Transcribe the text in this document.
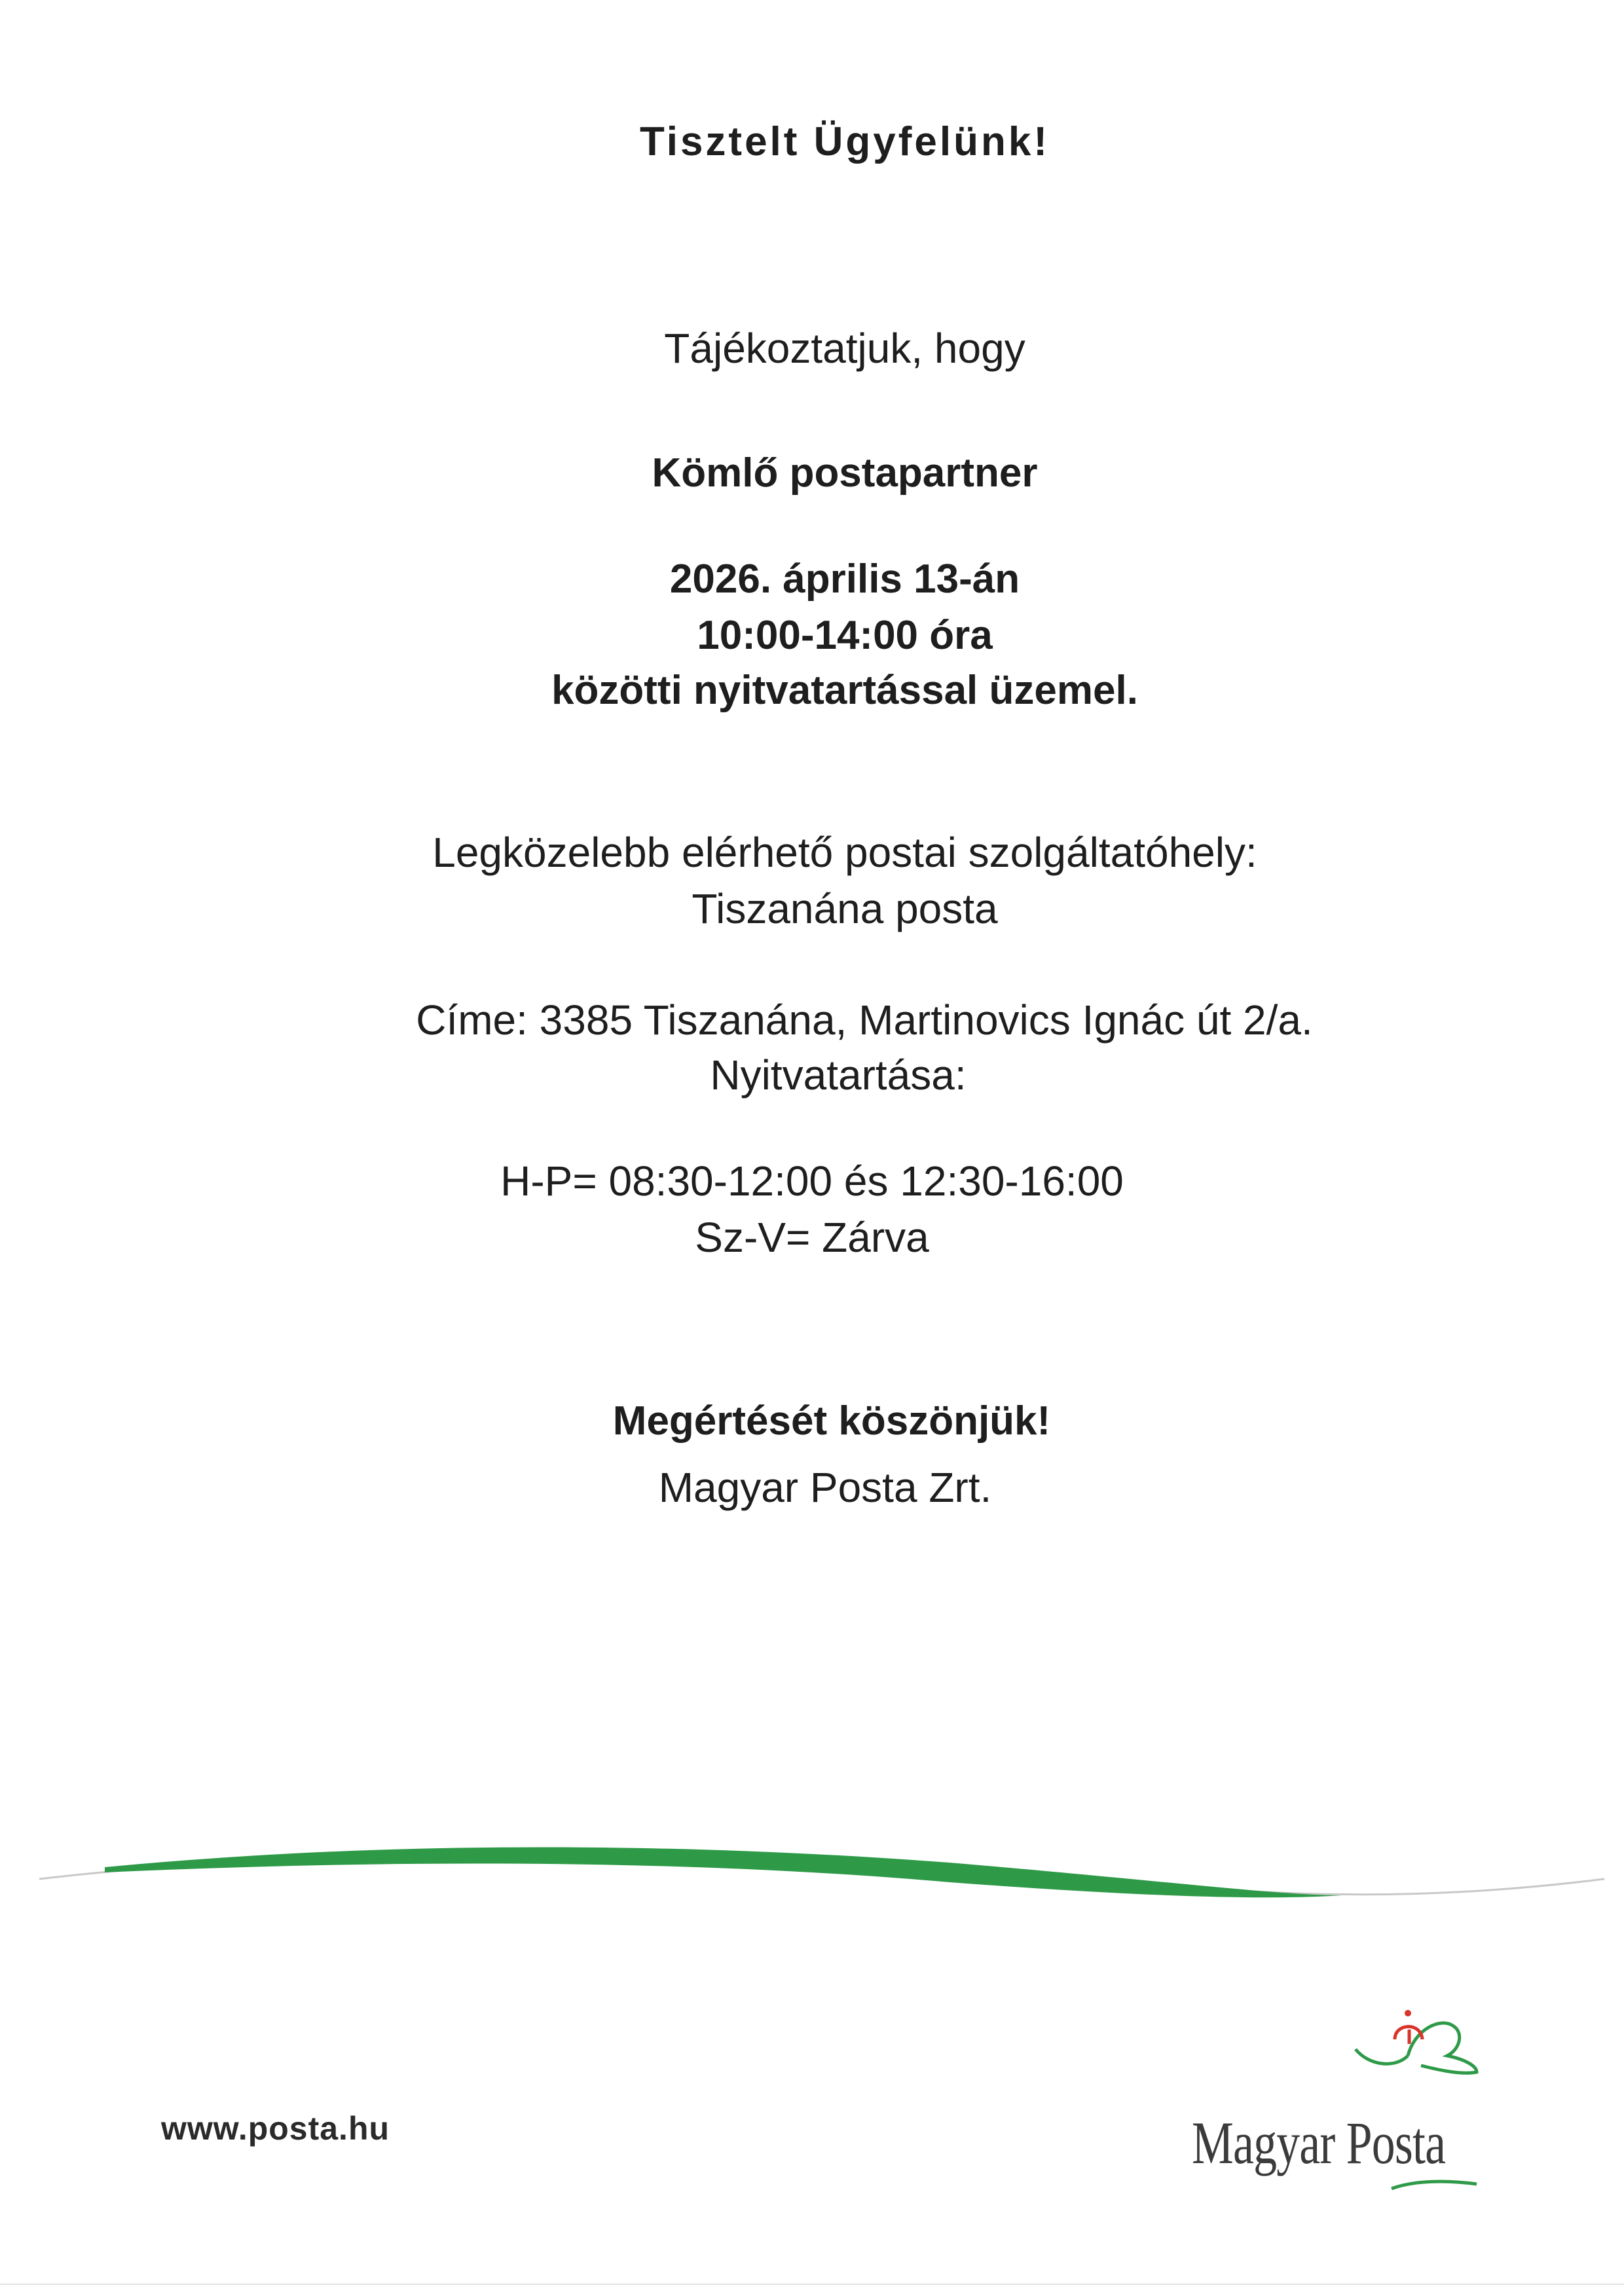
Tisztelt Ügyfelünk!
Tájékoztatjuk, hogy
Kömlő postapartner
2026. április 13-án
10:00-14:00 óra
közötti nyitvatartással üzemel.
Legközelebb elérhető postai szolgáltatóhely:
Tiszanána posta
Címe: 3385 Tiszanána, Martinovics Ignác út 2/a.
Nyitvatartása:
H-P= 08:30-12:00 és 12:30-16:00
Sz-V= Zárva
Megértését köszönjük!
Magyar Posta Zrt.
www.posta.hu	Magyar Posta
